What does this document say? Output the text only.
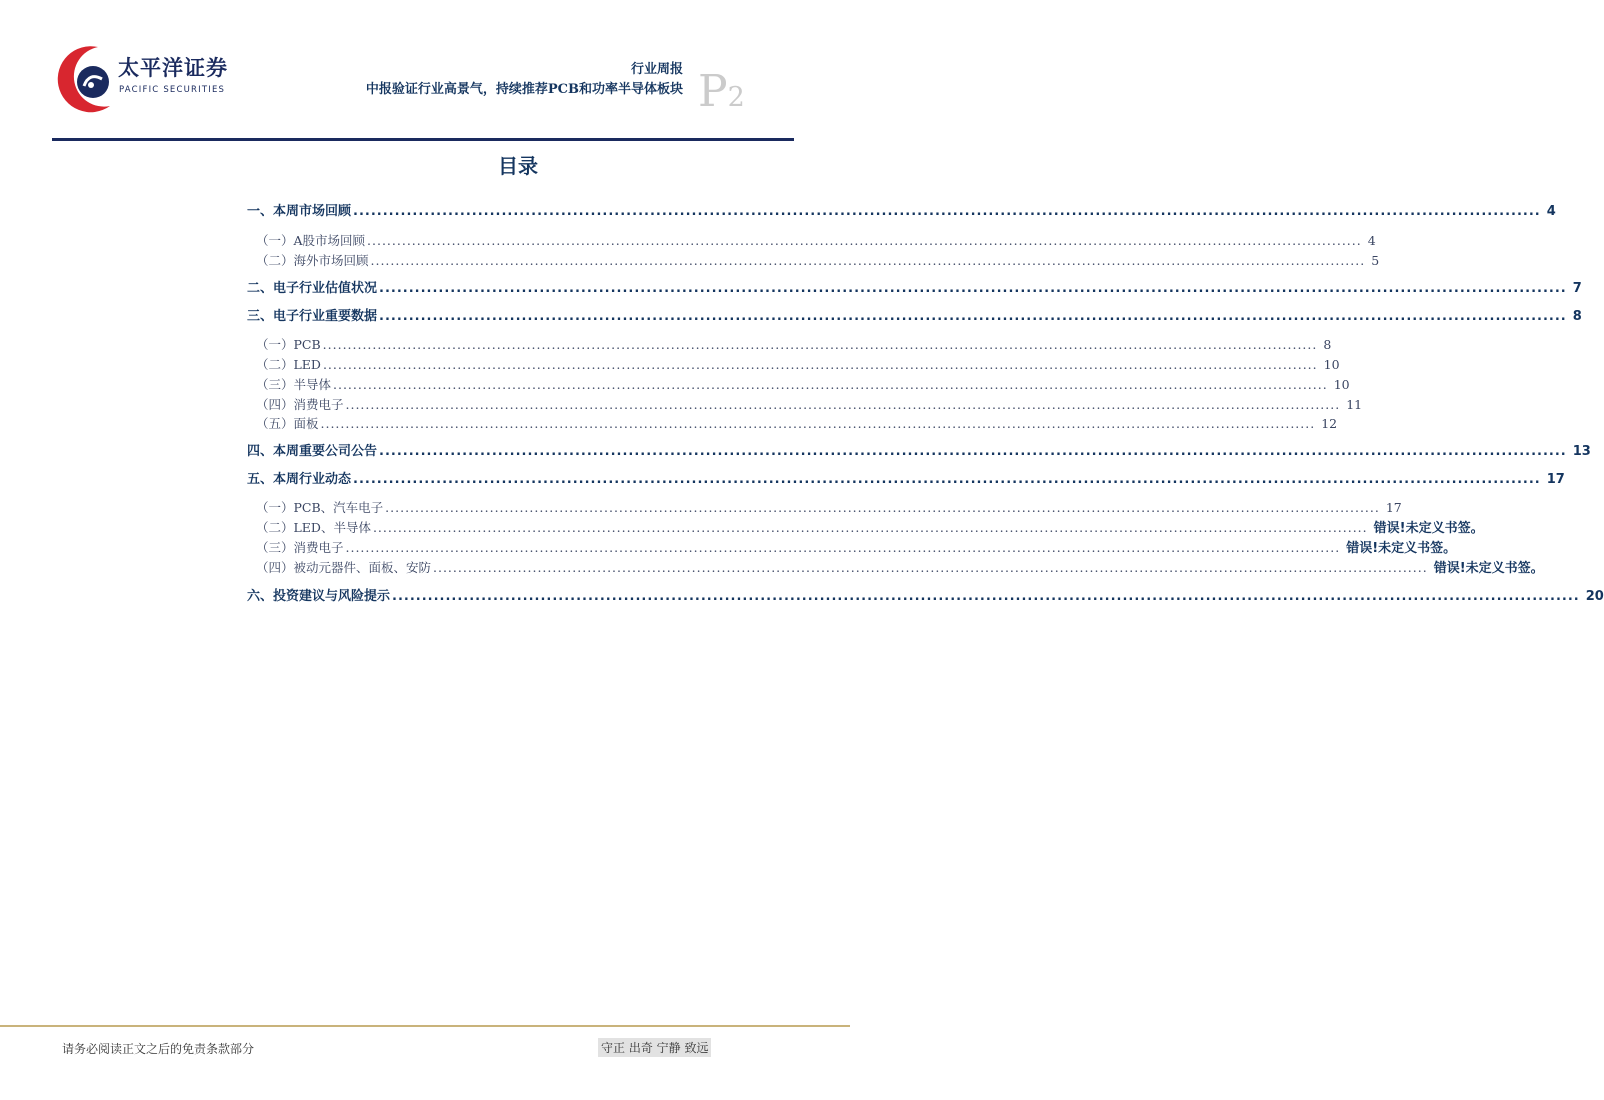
太平洋证券
PACIFIC SECURITIES
行业周报
中报验证行业高景气，持续推荐PCB和功率半导体板块 P2
目录
一、本周市场回顾 ........................................................................................................................................................................................................ 4
（一）A股市场回顾 ........................................................................................................................................................................................................ 4
（二）海外市场回顾 ........................................................................................................................................................................................................ 5
二、电子行业估值状况 ........................................................................................................................................................................................................ 7
三、电子行业重要数据 ........................................................................................................................................................................................................ 8
（一）PCB ........................................................................................................................................................................................................ 8
（二）LED ........................................................................................................................................................................................................ 10
（三）半导体 ........................................................................................................................................................................................................ 10
（四）消费电子 ........................................................................................................................................................................................................ 11
（五）面板 ........................................................................................................................................................................................................ 12
四、本周重要公司公告 ........................................................................................................................................................................................................ 13
五、本周行业动态 ........................................................................................................................................................................................................ 17
（一）PCB、汽车电子 ........................................................................................................................................................................................................ 17
（二）LED、半导体 ........................................................................................................................................................................................................ 错误!未定义书签。
（三）消费电子 ........................................................................................................................................................................................................ 错误!未定义书签。
（四）被动元器件、面板、安防 ........................................................................................................................................................................................................ 错误!未定义书签。
六、投资建议与风险提示 ........................................................................................................................................................................................................ 20
请务必阅读正文之后的免责条款部分	守正 出奇 宁静 致远
